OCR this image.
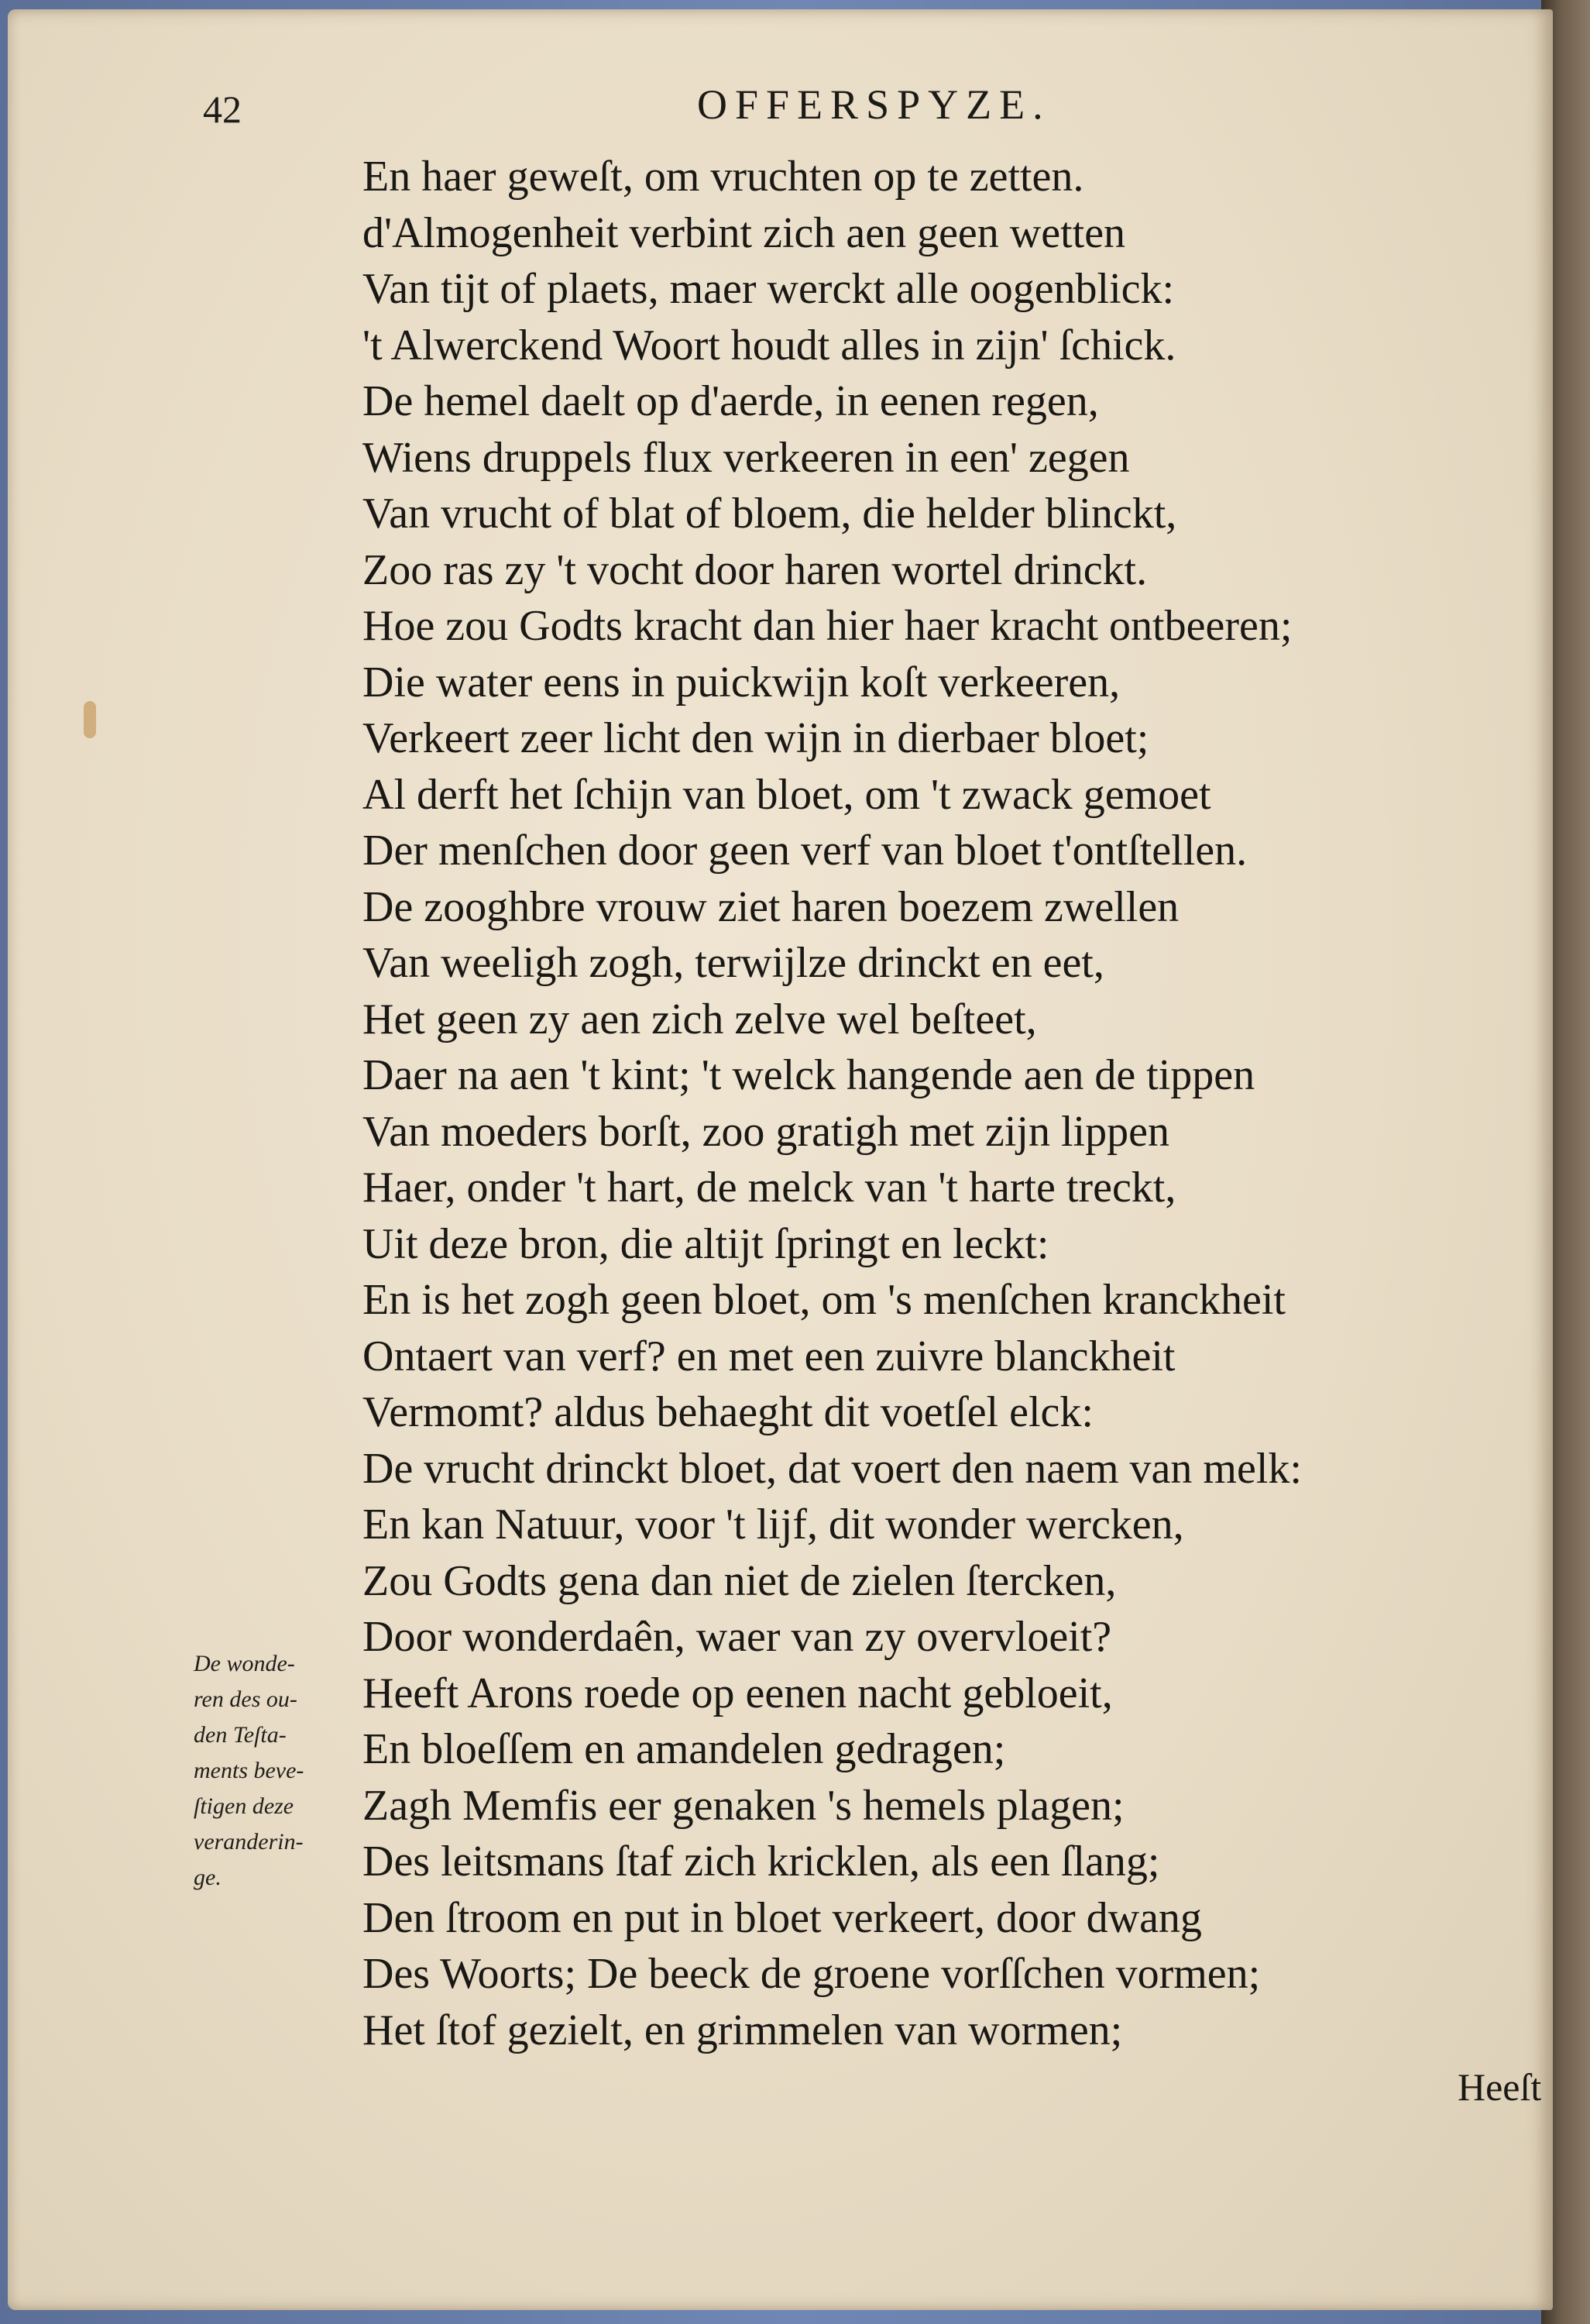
42	OFFERSPYZE.
En haer geweſt, om vruchten op te zetten.
d'Almogenheit verbint zich aen geen wetten
Van tijt of plaets, maer werckt alle oogenblick:
't Alwerckend Woort houdt alles in zijn' ſchick.
De hemel daelt op d'aerde, in eenen regen,
Wiens druppels flux verkeeren in een' zegen
Van vrucht of blat of bloem, die helder blinckt,
Zoo ras zy 't vocht door haren wortel drinckt.
Hoe zou Godts kracht dan hier haer kracht ontbeeren;
Die water eens in puickwijn koſt verkeeren,
Verkeert zeer licht den wijn in dierbaer bloet;
Al derft het ſchijn van bloet, om 't zwack gemoet
Der menſchen door geen verf van bloet t'ontſtellen.
De zooghbre vrouw ziet haren boezem zwellen
Van weeligh zogh, terwijlze drinckt en eet,
Het geen zy aen zich zelve wel beſteet,
Daer na aen 't kint; 't welck hangende aen de tippen
Van moeders borſt, zoo gratigh met zijn lippen
Haer, onder 't hart, de melck van 't harte treckt,
Uit deze bron, die altijt ſpringt en leckt:
En is het zogh geen bloet, om 's menſchen kranckheit
Ontaert van verf? en met een zuivre blanckheit
Vermomt? aldus behaeght dit voetſel elck:
De vrucht drinckt bloet, dat voert den naem van melk:
En kan Natuur, voor 't lijf, dit wonder wercken,
Zou Godts gena dan niet de zielen ſtercken,
Door wonderdaên, waer van zy overvloeit?
Heeft Arons roede op eenen nacht gebloeit,
En bloeſſem en amandelen gedragen;
Zagh Memfis eer genaken 's hemels plagen;
Des leitsmans ſtaf zich kricklen, als een ſlang;
Den ſtroom en put in bloet verkeert, door dwang
Des Woorts; De beeck de groene vorſſchen vormen;
Het ſtof gezielt, en grimmelen van wormen;
De wonde-
ren des ou-
den Teſta-
ments beve-
ſtigen deze
veranderin-
ge.
Heeſt
